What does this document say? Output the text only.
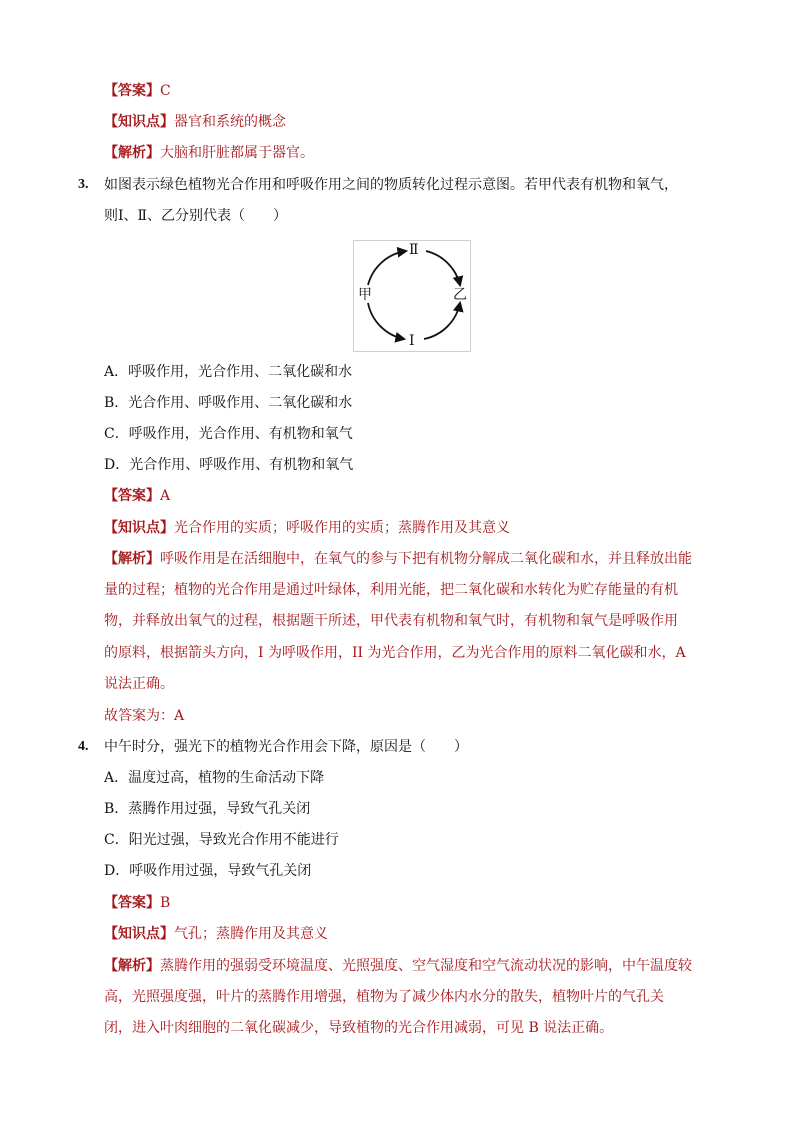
【答案】C
【知识点】器官和系统的概念
【解析】大脑和肝脏都属于器官。
3. 如图表示绿色植物光合作用和呼吸作用之间的物质转化过程示意图。若甲代表有机物和氧气，
则Ⅰ、Ⅱ、乙分别代表（　　）
Ⅱ
甲	乙
Ⅰ
A．呼吸作用，光合作用、二氧化碳和水
B．光合作用、呼吸作用、二氧化碳和水
C．呼吸作用，光合作用、有机物和氧气
D．光合作用、呼吸作用、有机物和氧气
【答案】A
【知识点】光合作用的实质；呼吸作用的实质；蒸腾作用及其意义
【解析】呼吸作用是在活细胞中，在氧气的参与下把有机物分解成二氧化碳和水，并且释放出能
量的过程；植物的光合作用是通过叶绿体，利用光能，把二氧化碳和水转化为贮存能量的有机
物，并释放出氧气的过程，根据题干所述，甲代表有机物和氧气时，有机物和氧气是呼吸作用
的原料，根据箭头方向，I 为呼吸作用，II 为光合作用，乙为光合作用的原料二氧化碳和水，A
说法正确。
故答案为：A
4. 中午时分，强光下的植物光合作用会下降，原因是（　　）
A．温度过高，植物的生命活动下降
B．蒸腾作用过强，导致气孔关闭
C．阳光过强，导致光合作用不能进行
D．呼吸作用过强，导致气孔关闭
【答案】B
【知识点】气孔；蒸腾作用及其意义
【解析】蒸腾作用的强弱受环境温度、光照强度、空气湿度和空气流动状况的影响，中午温度较
高，光照强度强，叶片的蒸腾作用增强，植物为了减少体内水分的散失，植物叶片的气孔关
闭，进入叶肉细胞的二氧化碳减少，导致植物的光合作用减弱，可见 B 说法正确。
